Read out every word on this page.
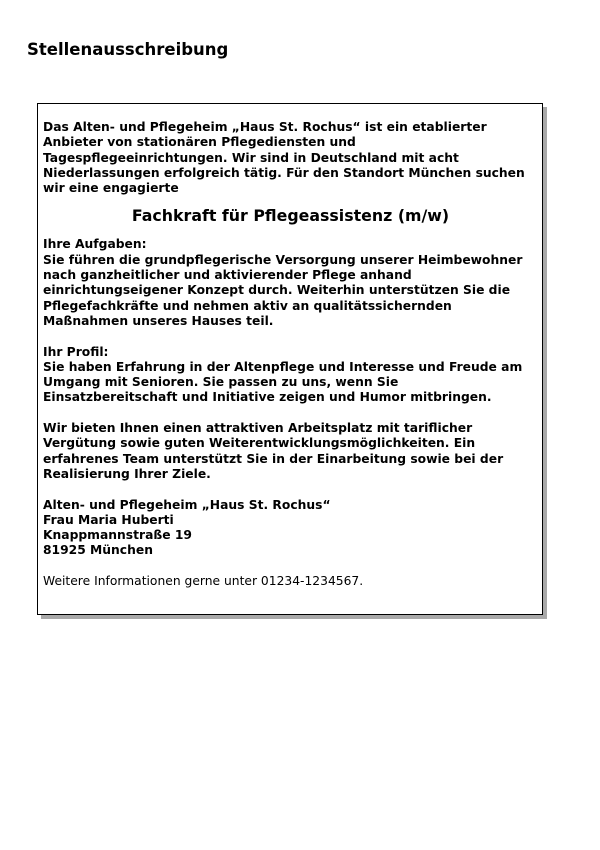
Stellenausschreibung

Das Alten- und Pflegeheim „Haus St. Rochus“ ist ein etablierter
Anbieter von stationären Pflegediensten und
Tagespflegeeinrichtungen. Wir sind in Deutschland mit acht
Niederlassungen erfolgreich tätig. Für den Standort München suchen
wir eine engagierte

Fachkraft für Pflegeassistenz (m/w)

Ihre Aufgaben:
Sie führen die grundpflegerische Versorgung unserer Heimbewohner
nach ganzheitlicher und aktivierender Pflege anhand
einrichtungseigener Konzept durch. Weiterhin unterstützen Sie die
Pflegefachkräfte und nehmen aktiv an qualitätssichernden
Maßnahmen unseres Hauses teil.

Ihr Profil:
Sie haben Erfahrung in der Altenpflege und Interesse und Freude am
Umgang mit Senioren. Sie passen zu uns, wenn Sie
Einsatzbereitschaft und Initiative zeigen und Humor mitbringen.

Wir bieten Ihnen einen attraktiven Arbeitsplatz mit tariflicher
Vergütung sowie guten Weiterentwicklungsmöglichkeiten. Ein
erfahrenes Team unterstützt Sie in der Einarbeitung sowie bei der
Realisierung Ihrer Ziele.

Alten- und Pflegeheim „Haus St. Rochus“
Frau Maria Huberti
Knappmannstraße 19
81925 München

Weitere Informationen gerne unter 01234-1234567.
